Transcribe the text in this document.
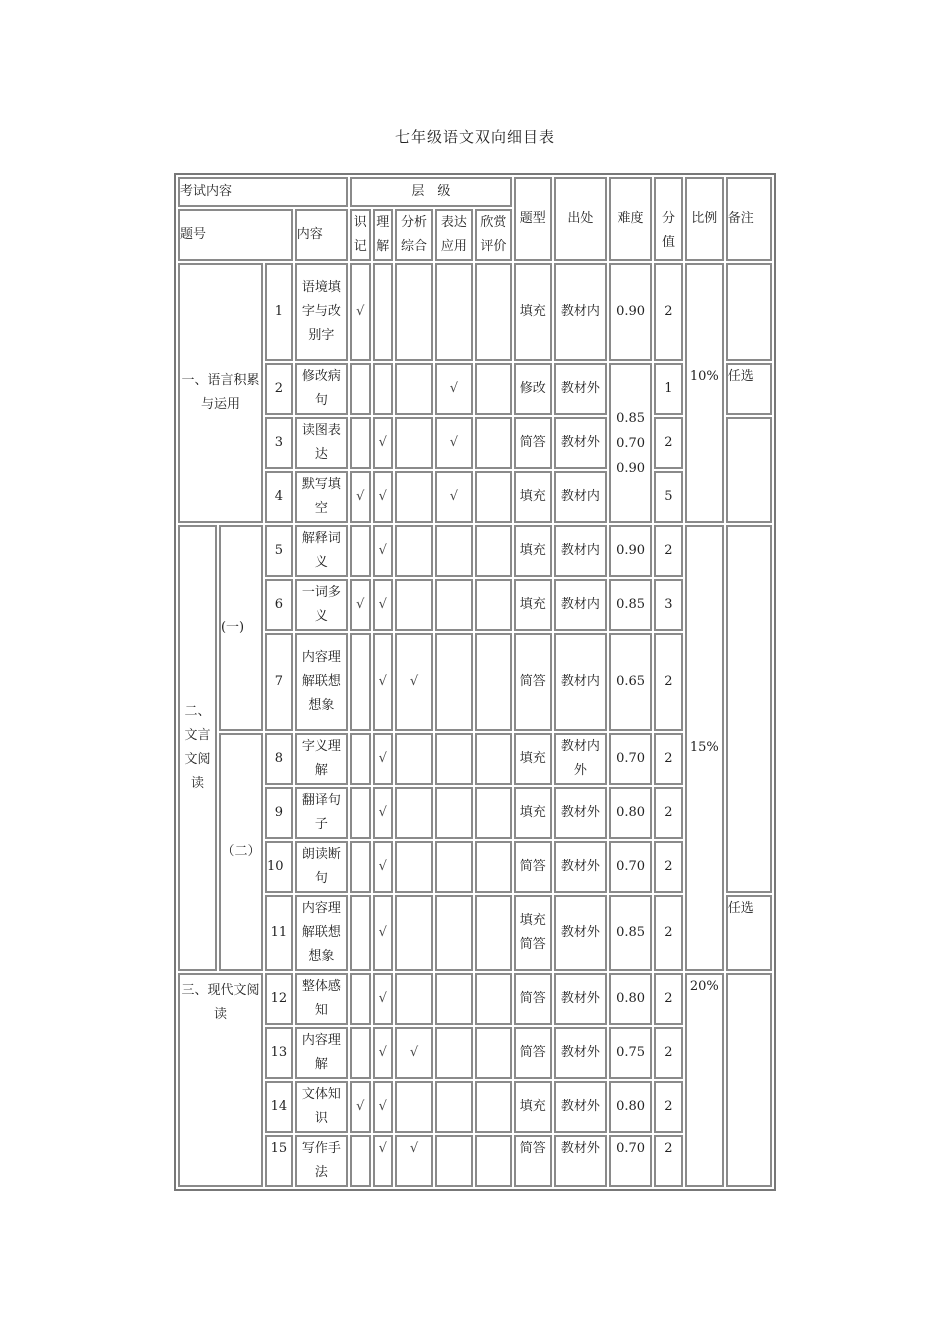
七年级语文双向细目表
考试内容				层　级					题型	出处	难度	分值	比例	备注
题号			内容	识记	理解	分析综合	表达应用	欣赏评价						
一、语言积累与运用		1	语境填字与改别字	√					填充	教材内	0.90	2	10%	
		2	修改病句				√		修改	教材外	0.85 0.70 0.90	1		任选
		3	读图表达		√		√		简答	教材外		2		
		4	默写填空	√	√		√		填充	教材内		5		
二、文言文阅读	(一)	5	解释词义		√				填充	教材内	0.90	2	15%	
		6	一词多义	√	√				填充	教材内	0.85	3		
		7	内容理解联想想象		√	√			简答	教材内	0.65	2		
	（二）	8	字义理解		√				填充	教材内外	0.70	2		
		9	翻译句子		√				填充	教材外	0.80	2		
		10	朗读断句		√				简答	教材外	0.70	2		
		11	内容理解联想想象		√				填充简答	教材外	0.85	2		任选
三、现代文阅读		12	整体感知		√				简答	教材外	0.80	2	20%	
		13	内容理解		√	√			简答	教材外	0.75	2		
		14	文体知识	√	√				填充	教材外	0.80	2		
		15	写作手法		√	√			简答	教材外	0.70	2		
